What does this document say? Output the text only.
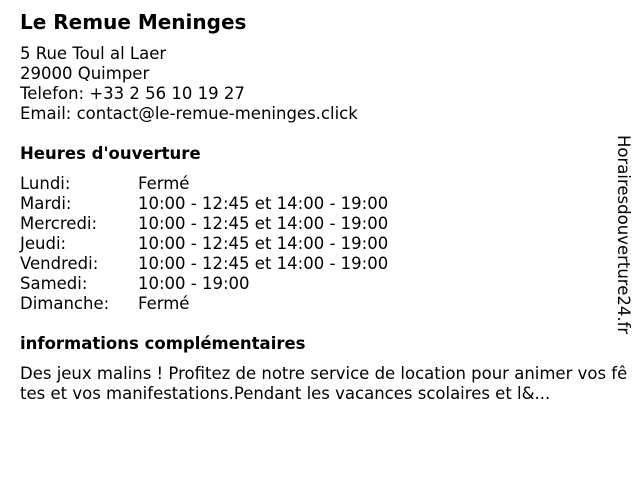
Le Remue Meninges
5 Rue Toul al Laer
29000 Quimper
Telefon: +33 2 56 10 19 27
Email: contact@le-remue-meninges.click
Heures d'ouverture
Lundi:	Fermé
Mardi:	10:00 - 12:45 et 14:00 - 19:00
Mercredi:	10:00 - 12:45 et 14:00 - 19:00
Jeudi:	10:00 - 12:45 et 14:00 - 19:00
Vendredi:	10:00 - 12:45 et 14:00 - 19:00
Samedi:	10:00 - 19:00
Dimanche:	Fermé
informations complémentaires
Des jeux malins ! Profitez de notre service de location pour animer vos fêtes et vos manifestations.Pendant les vacances scolaires et l&...
Horairesdouverture24.fr
